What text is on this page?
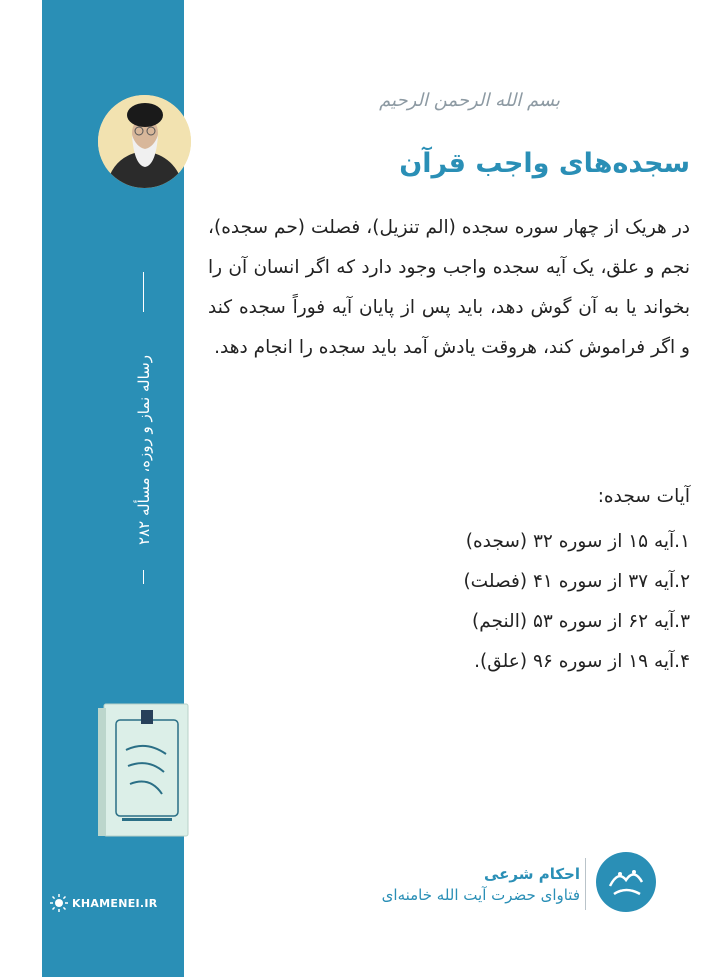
رساله نماز و روزه، مسأله ۲۸۲
KHAMENEI.IR
بسم الله الرحمن الرحیم
سجده‌های واجب قرآن
در هریک از چهار سوره سجده (الم تنزیل)، فصلت (حم سجده)، نجم و علق، یک آیه سجده واجب وجود دارد که اگر انسان آن را بخواند یا به آن گوش دهد، باید پس از پایان آیه فوراً سجده کند و اگر فراموش کند، هروقت یادش آمد باید سجده را انجام دهد.
آیات سجده:
۱.آیه ۱۵ از سوره ۳۲ (سجده)
۲.آیه ۳۷ از سوره ۴۱ (فصلت)
۳.آیه ۶۲ از سوره ۵۳ (النجم)
۴.آیه ۱۹ از سوره ۹۶ (علق).
احکام شرعی
فتاوای حضرت آیت الله خامنه‌ای
